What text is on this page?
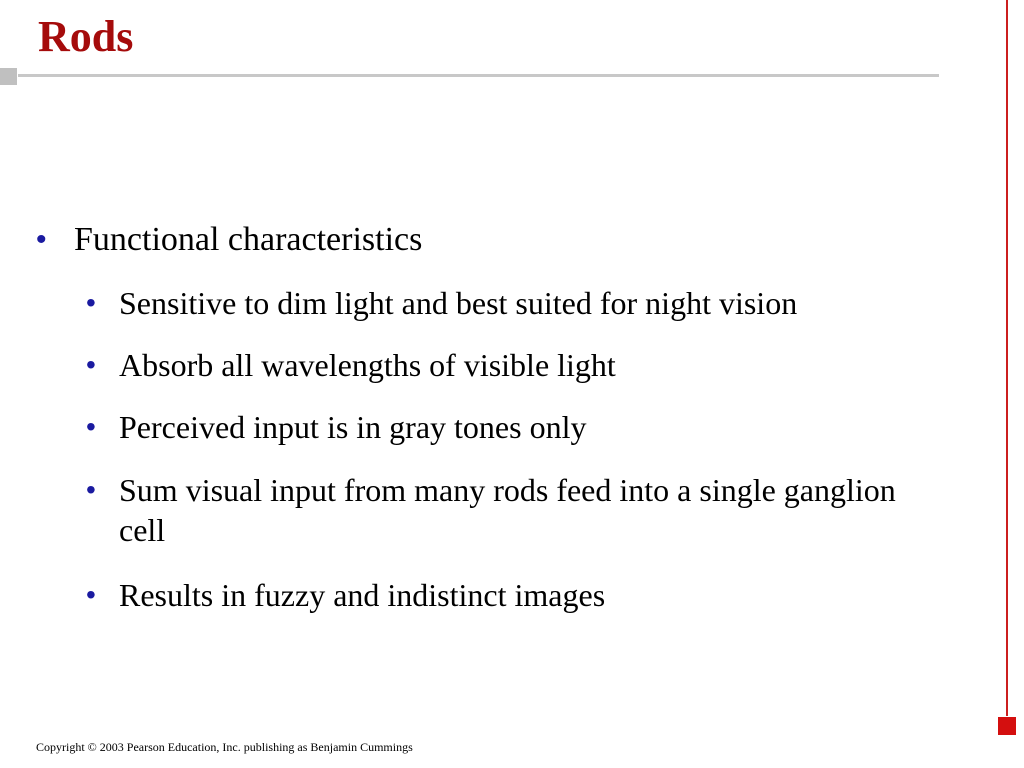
Rods
• Functional characteristics
• Sensitive to dim light and best suited for night vision
• Absorb all wavelengths of visible light
• Perceived input is in gray tones only
• Sum visual input from many rods feed into a single ganglion cell
• Results in fuzzy and indistinct images
Copyright © 2003 Pearson Education, Inc. publishing as Benjamin Cummings
